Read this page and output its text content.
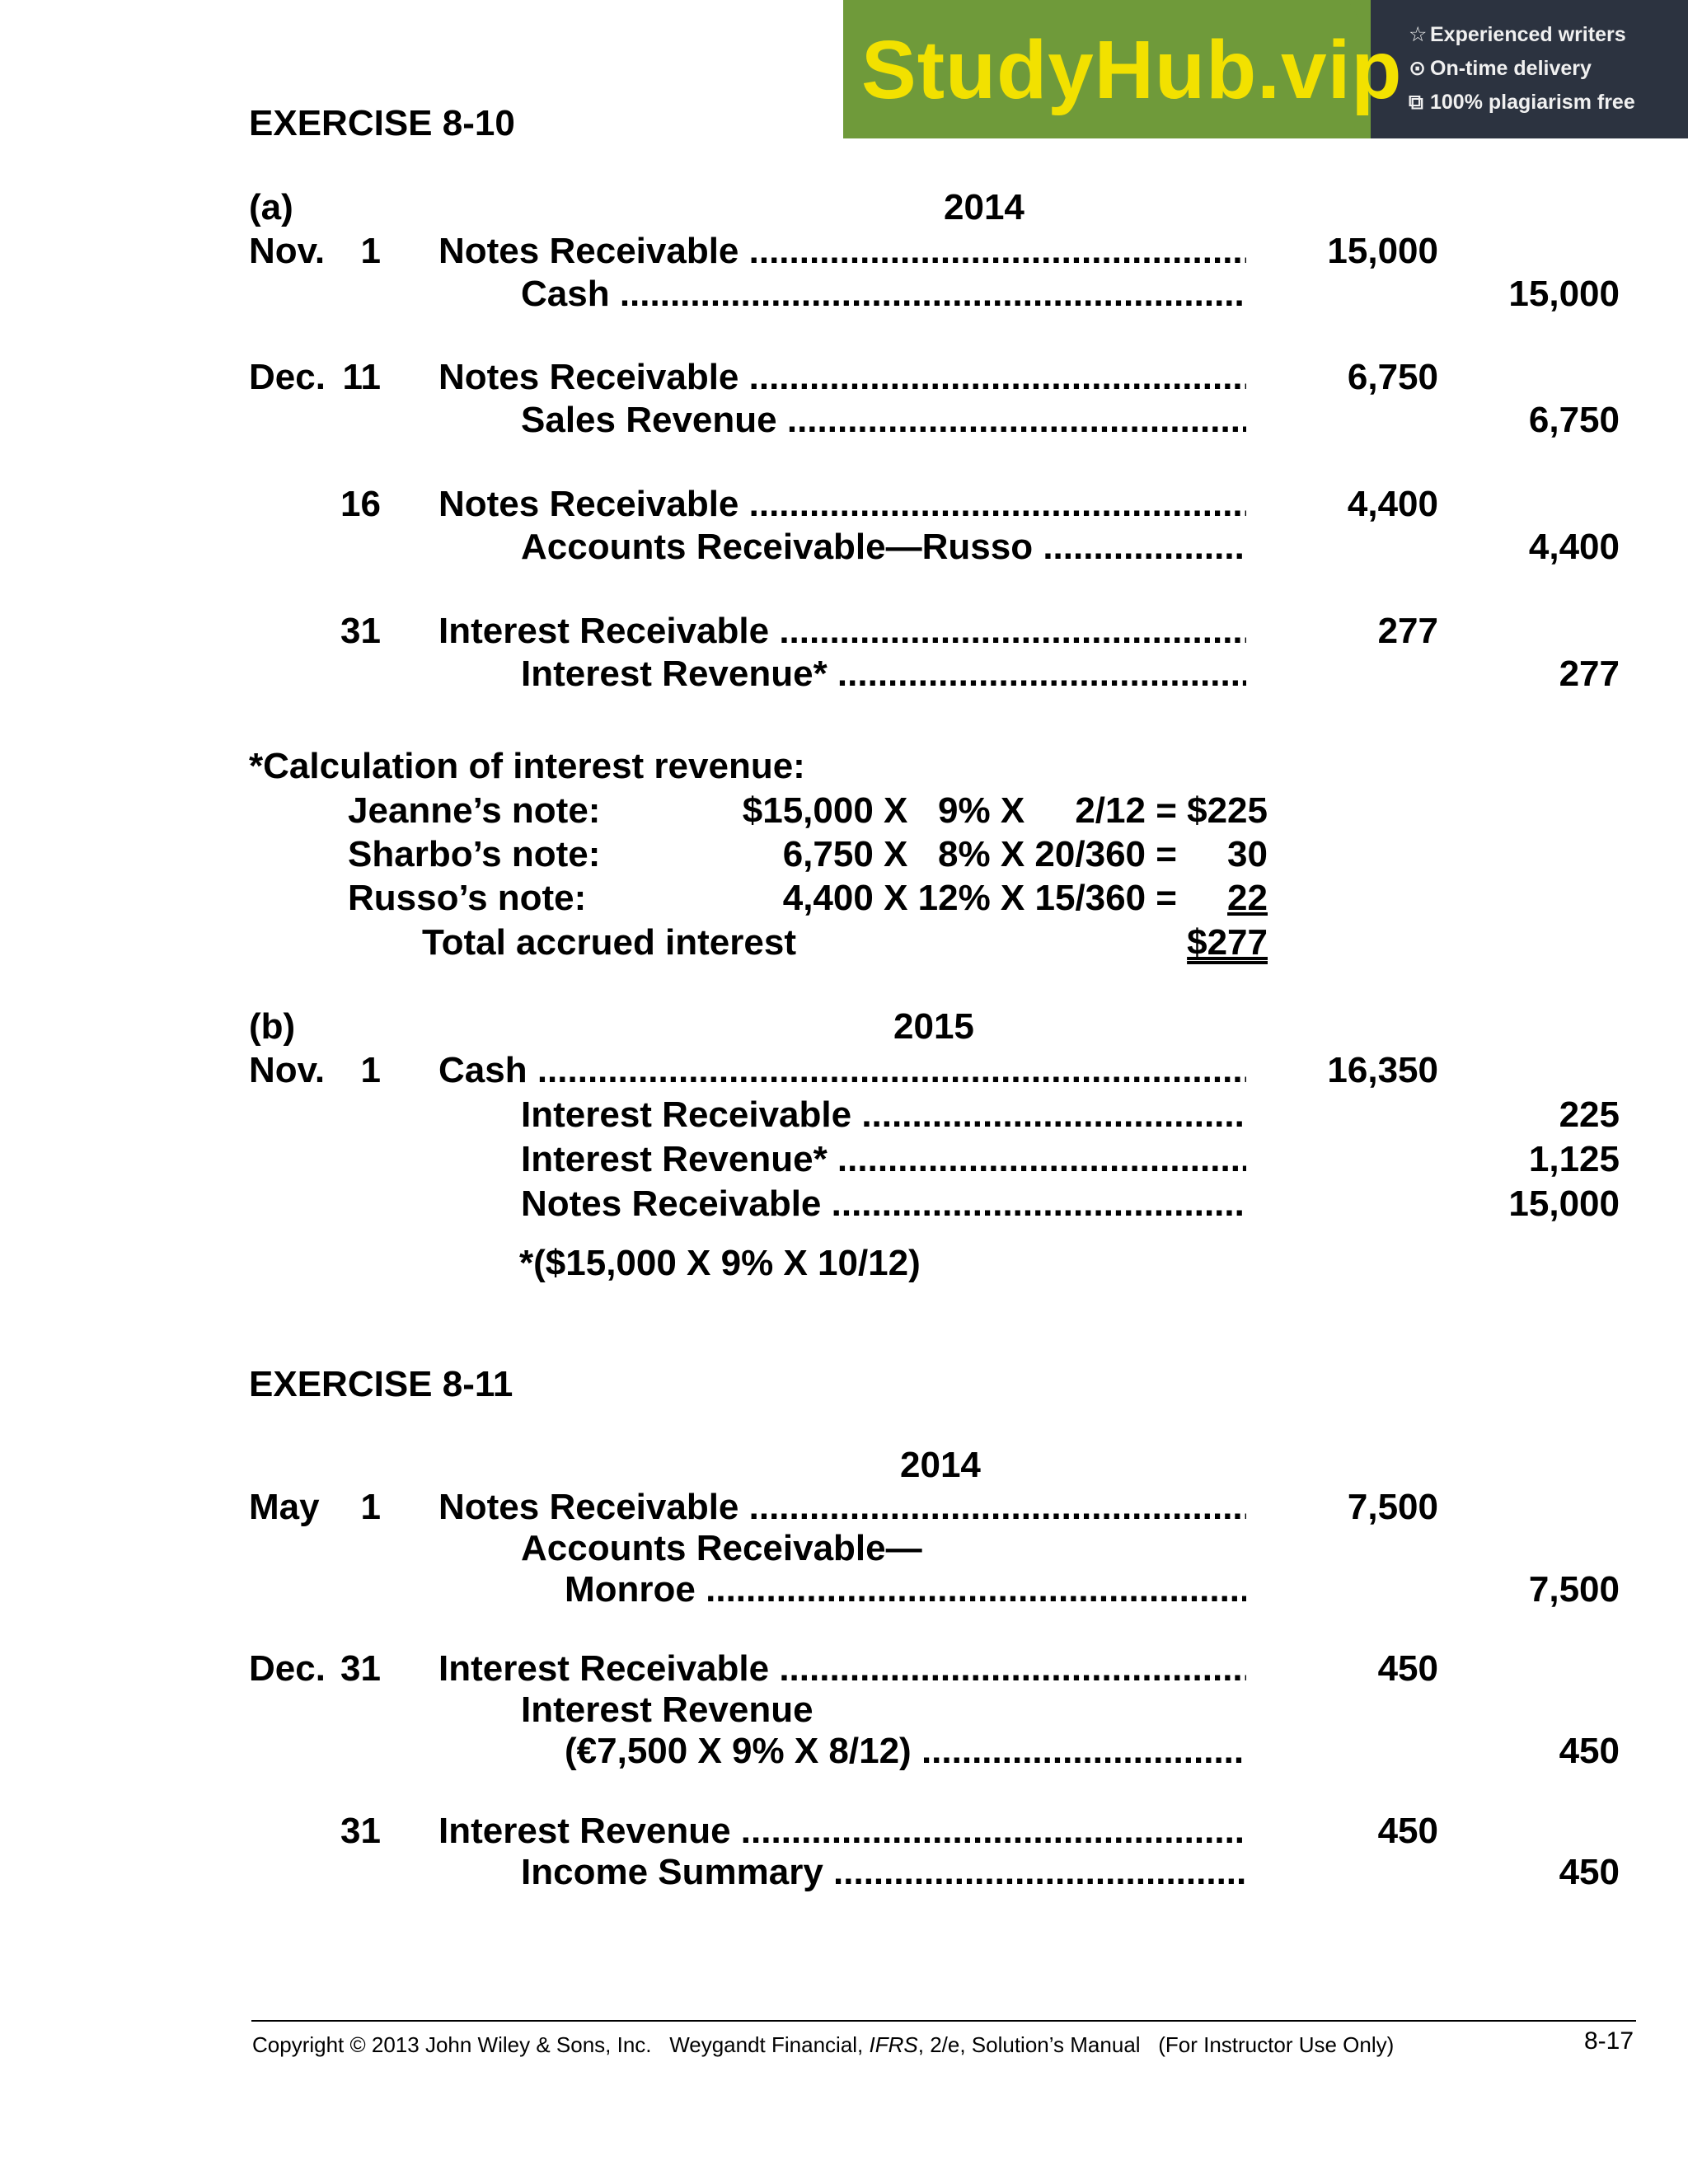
StudyHub.vip ☆ Experienced writers
⊙ On-time delivery
⧉ 100% plagiarism free
EXERCISE 8-10
(a)	2014
Nov. 1 Notes Receivable .....	15,000
Cash .....	15,000
Dec. 11 Notes Receivable .....	6,750
Sales Revenue .....	6,750
16 Notes Receivable .....	4,400
Accounts Receivable—Russo .....	4,400
31 Interest Receivable .....	277
Interest Revenue* .....	277
*Calculation of interest revenue:
Jeanne’s note:	$15,000 X   9% X     2/12 = $225
Sharbo’s note:	6,750 X   8% X 20/360 =     30
Russo’s note:	4,400 X 12% X 15/360 =	22
Total accrued interest	$277
(b)	2015
Nov. 1 Cash .....	16,350
Interest Receivable .....	225
Interest Revenue* .....	1,125
Notes Receivable .....	15,000
*($15,000 X 9% X 10/12)
EXERCISE 8-11
2014
May	1 Notes Receivable .....	7,500
Accounts Receivable—
Monroe .....	7,500
Dec. 31 Interest Receivable .....	450
Interest Revenue
(€7,500 X 9% X 8/12) .....	450
31 Interest Revenue .....	450
Income Summary .....	450
Copyright © 2013 John Wiley & Sons, Inc. Weygandt Financial, IFRS, 2/e, Solution’s Manual (For Instructor Use Only)	8-17
